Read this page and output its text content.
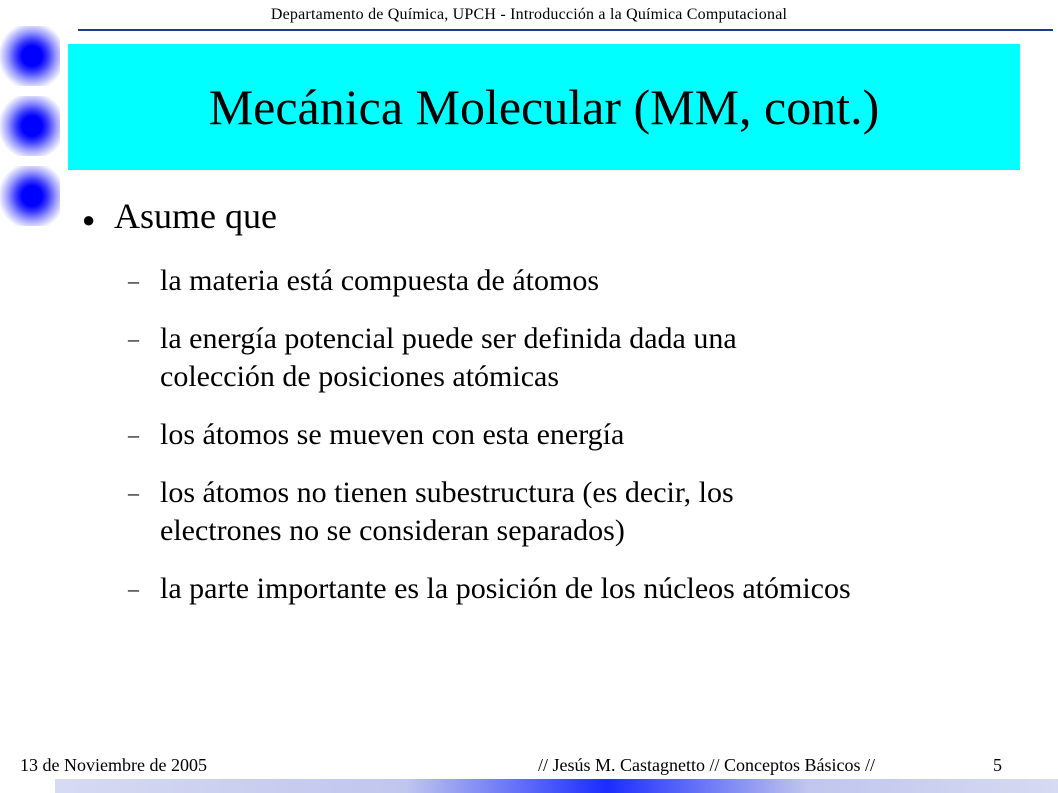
Departamento de Química, UPCH - Introducción a la Química Computacional
Mecánica Molecular (MM, cont.)
● Asume que
– la materia está compuesta de átomos
– la energía potencial puede ser definida dada una
colección de posiciones atómicas
– los átomos se mueven con esta energía
– los átomos no tienen subestructura (es decir, los
electrones no se consideran separados)
– la parte importante es la posición de los núcleos atómicos
13 de Noviembre de 2005	// Jesús M. Castagnetto // Conceptos Básicos //	5
